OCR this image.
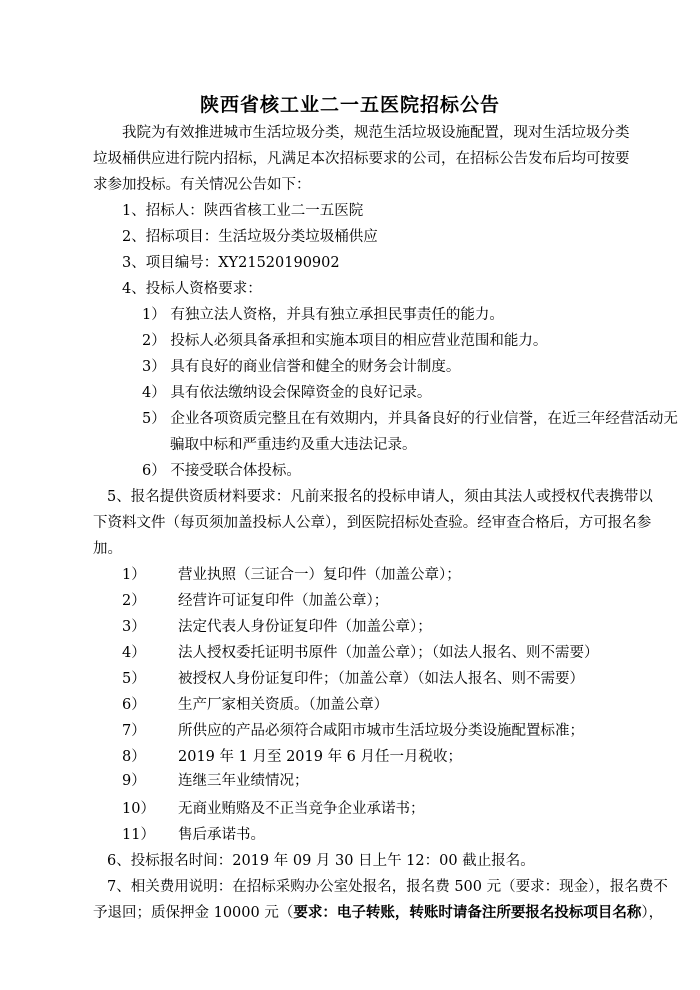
陕西省核工业二一五医院招标公告
我院为有效推进城市生活垃圾分类，规范生活垃圾设施配置，现对生活垃圾分类垃圾桶供应进行院内招标，凡满足本次招标要求的公司，在招标公告发布后均可按要求参加投标。有关情况公告如下：
1、招标人：陕西省核工业二一五医院
2、招标项目：生活垃圾分类垃圾桶供应
3、项目编号：XY21520190902
4、投标人资格要求：
1） 有独立法人资格，并具有独立承担民事责任的能力。
2） 投标人必须具备承担和实施本项目的相应营业范围和能力。
3） 具有良好的商业信誉和健全的财务会计制度。
4） 具有依法缴纳设会保障资金的良好记录。
5） 企业各项资质完整且在有效期内，并具备良好的行业信誉，在近三年经营活动无骗取中标和严重违约及重大违法记录。
6） 不接受联合体投标。
5、报名提供资质材料要求：凡前来报名的投标申请人，须由其法人或授权代表携带以下资料文件（每页须加盖投标人公章），到医院招标处查验。经审查合格后，方可报名参加。
1） 营业执照（三证合一）复印件（加盖公章）；
2） 经营许可证复印件（加盖公章）；
3） 法定代表人身份证复印件（加盖公章）；
4） 法人授权委托证明书原件（加盖公章）；（如法人报名、则不需要）
5） 被授权人身份证复印件；（加盖公章）（如法人报名、则不需要）
6） 生产厂家相关资质。（加盖公章）
7） 所供应的产品必须符合咸阳市城市生活垃圾分类设施配置标准；
8） 2019 年 1 月至 2019 年 6 月任一月税收；
9） 连继三年业绩情况；
10） 无商业贿赂及不正当竞争企业承诺书；
11） 售后承诺书。
6、投标报名时间：2019 年 09 月 30 日上午 12：00 截止报名。
7、相关费用说明：在招标采购办公室处报名，报名费 500 元（要求：现金），报名费不
予退回；质保押金 10000 元（要求：电子转账，转账时请备注所要报名投标项目名称），
